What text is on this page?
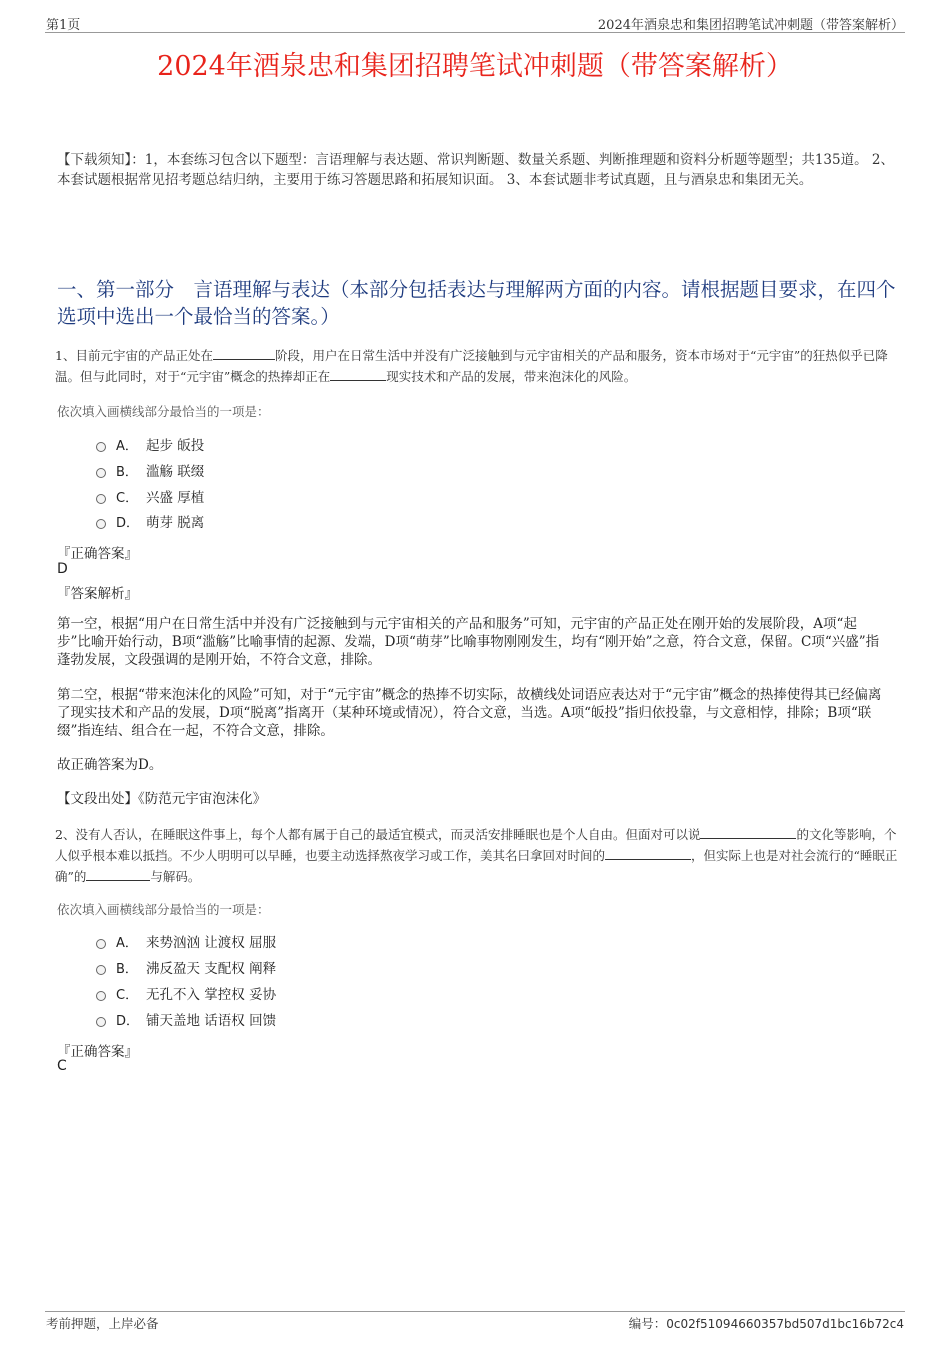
第1页	2024年酒泉忠和集团招聘笔试冲刺题（带答案解析）
2024年酒泉忠和集团招聘笔试冲刺题（带答案解析）
【下载须知】：1，本套练习包含以下题型：言语理解与表达题、常识判断题、数量关系题、判断推理题和资料分析题等题型；共135道。 2、本套试题根据常见招考题总结归纳，主要用于练习答题思路和拓展知识面。 3、本套试题非考试真题，且与酒泉忠和集团无关。
一、第一部分　言语理解与表达（本部分包括表达与理解两方面的内容。请根据题目要求，在四个选项中选出一个最恰当的答案。）
1、目前元宇宙的产品正处在	阶段，用户在日常生活中并没有广泛接触到与元宇宙相关的产品和服务，资本市场对于“元宇宙”的狂热似乎已降温。但与此同时，对于“元宇宙”概念的热捧却正在	现实技术和产品的发展，带来泡沫化的风险。
依次填入画横线部分最恰当的一项是：
A． 起步 皈投
B． 滥觞 联缀
C． 兴盛 厚植
D． 萌芽 脱离
『正确答案』
D
『答案解析』
第一空，根据“用户在日常生活中并没有广泛接触到与元宇宙相关的产品和服务”可知，元宇宙的产品正处在刚开始的发展阶段，A项“起步”比喻开始行动，B项“滥觞”比喻事情的起源、发端，D项“萌芽”比喻事物刚刚发生，均有“刚开始”之意，符合文意，保留。C项“兴盛”指蓬勃发展，文段强调的是刚开始，不符合文意，排除。
第二空，根据“带来泡沫化的风险”可知，对于“元宇宙”概念的热捧不切实际，故横线处词语应表达对于“元宇宙”概念的热捧使得其已经偏离了现实技术和产品的发展，D项“脱离”指离开（某种环境或情况），符合文意，当选。A项“皈投”指归依投靠，与文意相悖，排除；B项“联缀”指连结、组合在一起，不符合文意，排除。
故正确答案为D。
【文段出处】《防范元宇宙泡沫化》
2、没有人否认，在睡眠这件事上，每个人都有属于自己的最适宜模式，而灵活安排睡眠也是个人自由。但面对可以说	的文化等影响，个人似乎根本难以抵挡。不少人明明可以早睡，也要主动选择熬夜学习或工作，美其名曰拿回对时间的	，但实际上也是对社会流行的“睡眠正确”的	与解码。
依次填入画横线部分最恰当的一项是：
A． 来势汹汹 让渡权 屈服
B． 沸反盈天 支配权 阐释
C． 无孔不入 掌控权 妥协
D． 铺天盖地 话语权 回馈
『正确答案』
C
考前押题，上岸必备	编号：0c02f51094660357bd507d1bc16b72c4
